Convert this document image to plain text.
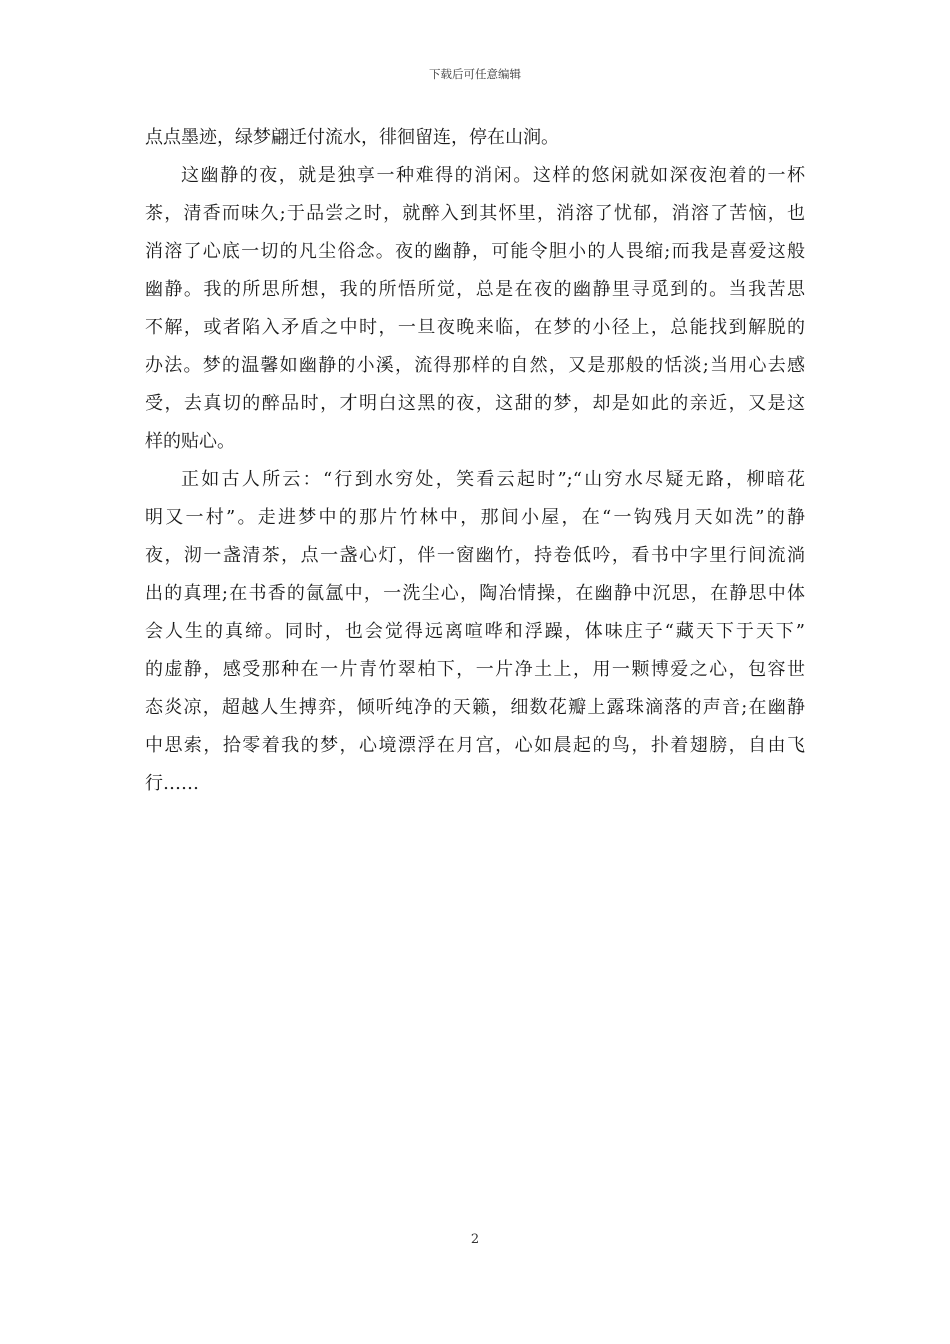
下载后可任意编辑
点点墨迹，绿梦翩迁付流水，徘徊留连，停在山涧。
这幽静的夜，就是独享一种难得的消闲。这样的悠闲就如深夜泡着的一杯
茶，清香而味久;于品尝之时，就醉入到其怀里，消溶了忧郁，消溶了苦恼，也
消溶了心底一切的凡尘俗念。夜的幽静，可能令胆小的人畏缩;而我是喜爱这般
幽静。我的所思所想，我的所悟所觉，总是在夜的幽静里寻觅到的。当我苦思
不解，或者陷入矛盾之中时，一旦夜晚来临，在梦的小径上，总能找到解脱的
办法。梦的温馨如幽静的小溪，流得那样的自然，又是那般的恬淡;当用心去感
受，去真切的醉品时，才明白这黑的夜，这甜的梦，却是如此的亲近，又是这
样的贴心。
正如古人所云：“行到水穷处，笑看云起时”;“山穷水尽疑无路，柳暗花
明又一村”。走进梦中的那片竹林中，那间小屋，在“一钩残月天如洗”的静
夜，沏一盏清茶，点一盏心灯，伴一窗幽竹，持卷低吟，看书中字里行间流淌
出的真理;在书香的氤氲中，一洗尘心，陶冶情操，在幽静中沉思，在静思中体
会人生的真缔。同时，也会觉得远离喧哗和浮躁，体味庄子“藏天下于天下”
的虚静，感受那种在一片青竹翠柏下，一片净土上，用一颗博爱之心，包容世
态炎凉，超越人生搏弈，倾听纯净的天籁，细数花瓣上露珠滴落的声音;在幽静
中思索，拾零着我的梦，心境漂浮在月宫，心如晨起的鸟，扑着翅膀，自由飞
行……
2
